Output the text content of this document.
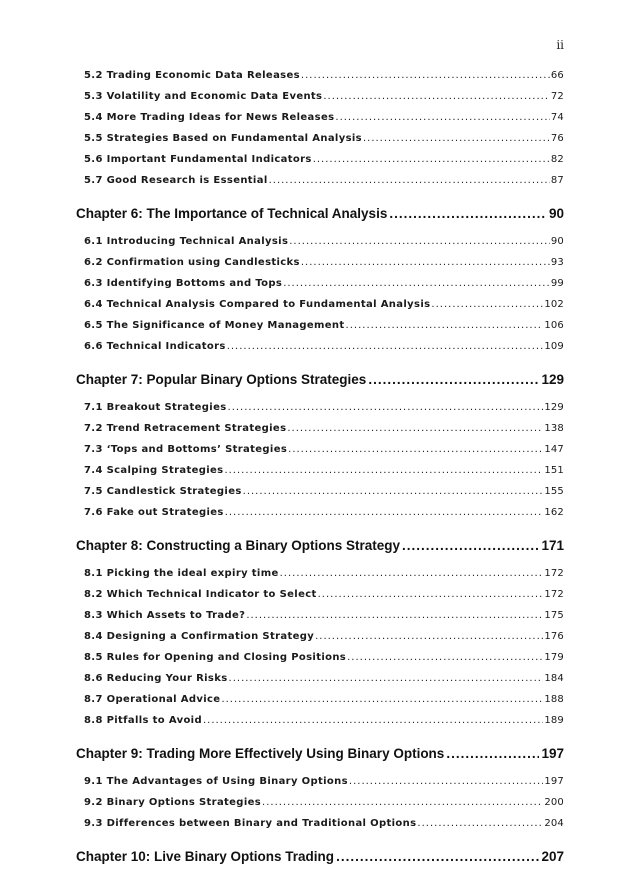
ii
5.2 Trading Economic Data Releases .....	66
5.3 Volatility and Economic Data Events .....	72
5.4 More Trading Ideas for News Releases .....	74
5.5 Strategies Based on Fundamental Analysis .....	76
5.6 Important Fundamental Indicators .....	82
5.7 Good Research is Essential .....	87
Chapter 6: The Importance of Technical Analysis .....	90
6.1 Introducing Technical Analysis .....	90
6.2 Confirmation using Candlesticks .....	93
6.3 Identifying Bottoms and Tops .....	99
6.4 Technical Analysis Compared to Fundamental Analysis .....	102
6.5 The Significance of Money Management .....	106
6.6 Technical Indicators .....	109
Chapter 7: Popular Binary Options Strategies .....	129
7.1 Breakout Strategies .....	129
7.2 Trend Retracement Strategies .....	138
7.3 ‘Tops and Bottoms’ Strategies .....	147
7.4 Scalping Strategies .....	151
7.5 Candlestick Strategies .....	155
7.6 Fake out Strategies .....	162
Chapter 8: Constructing a Binary Options Strategy .....	171
8.1 Picking the ideal expiry time .....	172
8.2 Which Technical Indicator to Select .....	172
8.3 Which Assets to Trade? .....	175
8.4 Designing a Confirmation Strategy .....	176
8.5 Rules for Opening and Closing Positions .....	179
8.6 Reducing Your Risks .....	184
8.7 Operational Advice .....	188
8.8 Pitfalls to Avoid .....	189
Chapter 9: Trading More Effectively Using Binary Options .....	197
9.1 The Advantages of Using Binary Options .....	197
9.2 Binary Options Strategies .....	200
9.3 Differences between Binary and Traditional Options .....	204
Chapter 10: Live Binary Options Trading .....	207
